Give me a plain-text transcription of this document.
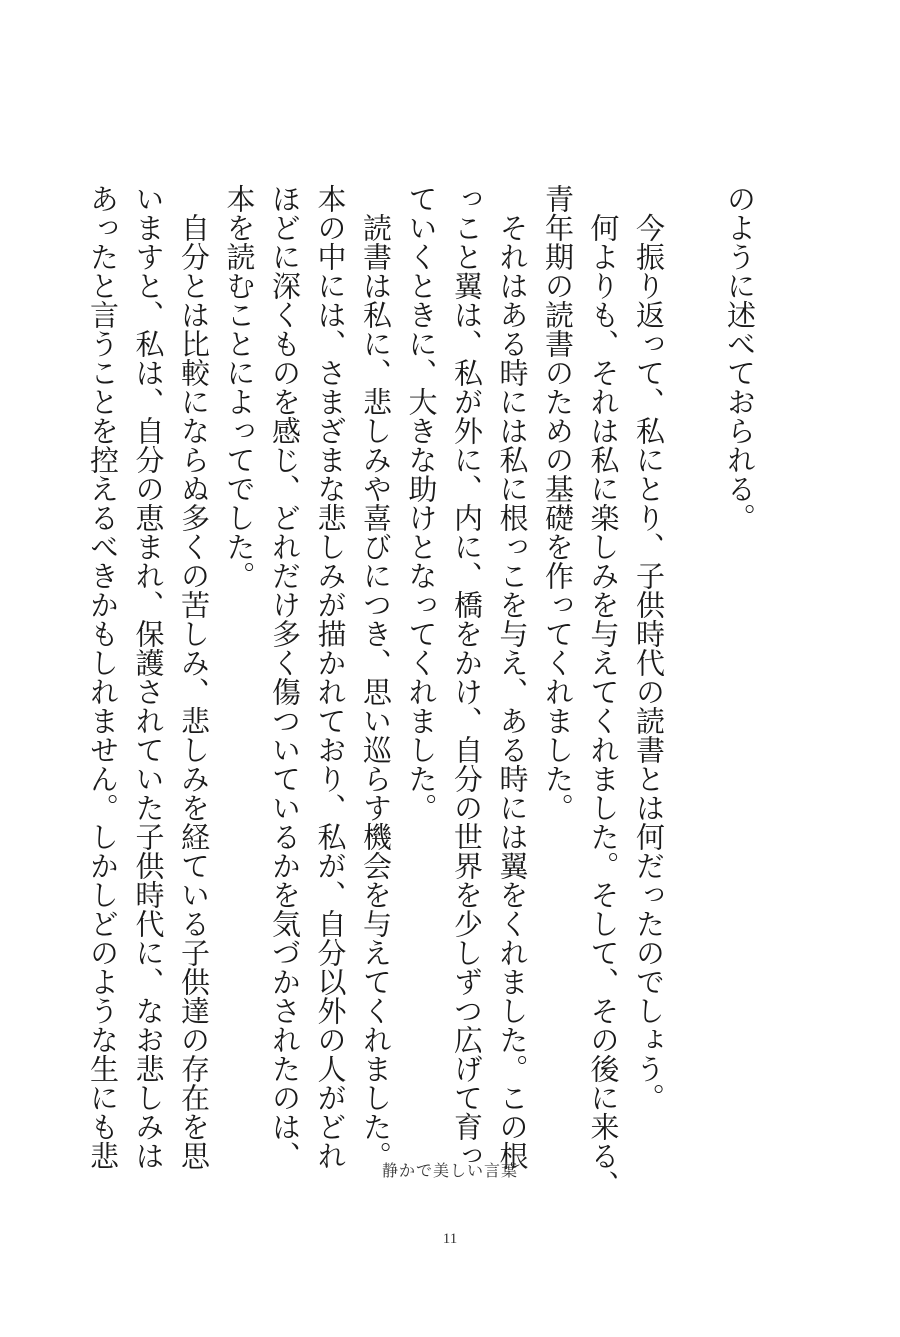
のように述べておられる。

　今振り返って、私にとり、子供時代の読書とは何だったのでしょう。
　何よりも、それは私に楽しみを与えてくれました。そして、その後に来る、
青年期の読書のための基礎を作ってくれました。
　それはある時には私に根っこを与え、ある時には翼をくれました。この根
っこと翼は、私が外に、内に、橋をかけ、自分の世界を少しずつ広げて育っ
ていくときに、大きな助けとなってくれました。
　読書は私に、悲しみや喜びにつき、思い巡らす機会を与えてくれました。
本の中には、さまざまな悲しみが描かれており、私が、自分以外の人がどれ
ほどに深くものを感じ、どれだけ多く傷ついているかを気づかされたのは、
本を読むことによってでした。
　自分とは比較にならぬ多くの苦しみ、悲しみを経ている子供達の存在を思
いますと、私は、自分の恵まれ、保護されていた子供時代に、なお悲しみは
あったと言うことを控えるべきかもしれません。しかしどのような生にも悲
静かで美しい言葉
11
